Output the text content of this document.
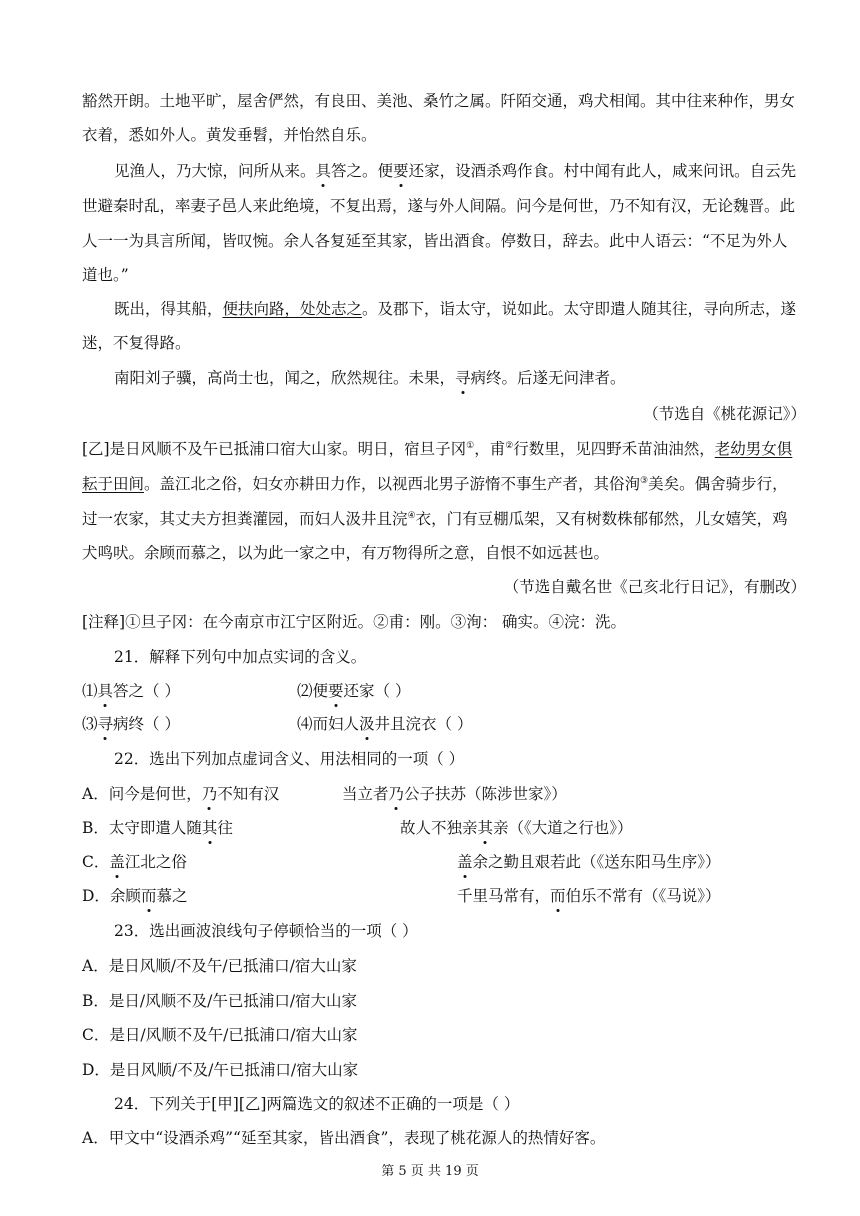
豁然开朗。土地平旷，屋舍俨然，有良田、美池、桑竹之属。阡陌交通，鸡犬相闻。其中往来种作，男女
衣着，悉如外人。黄发垂髫，并怡然自乐。
见渔人，乃大惊，问所从来。具答之。便要还家，设酒杀鸡作食。村中闻有此人，咸来问讯。自云先
世避秦时乱，率妻子邑人来此绝境，不复出焉，遂与外人间隔。问今是何世，乃不知有汉，无论魏晋。此
人一一为具言所闻，皆叹惋。余人各复延至其家，皆出酒食。停数日，辞去。此中人语云：“不足为外人
道也。”
既出，得其船，便扶向路，处处志之。及郡下，诣太守，说如此。太守即遣人随其往，寻向所志，遂
迷，不复得路。
南阳刘子骥，高尚士也，闻之，欣然规往。未果，寻病终。后遂无问津者。
（节选自《桃花源记》）
[乙]是日风顺不及午已抵浦口宿大山家。明日，宿旦子冈①，甫②行数里，见四野禾苗油油然，老幼男女俱
耘于田间。盖江北之俗，妇女亦耕田力作，以视西北男子游惰不事生产者，其俗洵③美矣。偶舍骑步行，
过一农家，其丈夫方担粪灌园，而妇人汲井且浣④衣，门有豆棚瓜架，又有树数株郁郁然，儿女嬉笑，鸡
犬鸣吠。余顾而慕之，以为此一家之中，有万物得所之意，自恨不如远甚也。
（节选自戴名世《己亥北行日记》，有删改）
[注释]①旦子冈：在今南京市江宁区附近。②甫：刚。③洵： 确实。④浣：洗。
21．解释下列句中加点实词的含义。
⑴具答之（ ）	⑵便要还家（ ）
⑶寻病终（ ）	⑷而妇人汲井且浣衣（ ）
22．选出下列加点虚词含义、用法相同的一项（ ）
A．问今是何世，乃不知有汉	当立者乃公子扶苏（陈涉世家》）
B．太守即遣人随其往	故人不独亲其亲（《大道之行也》）
C．盖江北之俗	盖余之勤且艰若此（《送东阳马生序》）
D．余顾而慕之	千里马常有，而伯乐不常有（《马说》）
23．选出画波浪线句子停顿恰当的一项（ ）
A．是日风顺/不及午/已抵浦口/宿大山家
B．是日/风顺不及/午已抵浦口/宿大山家
C．是日/风顺不及午/已抵浦口/宿大山家
D．是日风顺/不及/午已抵浦口/宿大山家
24．下列关于[甲][乙]两篇选文的叙述不正确的一项是（ ）
A．甲文中“设酒杀鸡”“延至其家，皆出酒食”，表现了桃花源人的热情好客。
第 5 页 共 19 页
